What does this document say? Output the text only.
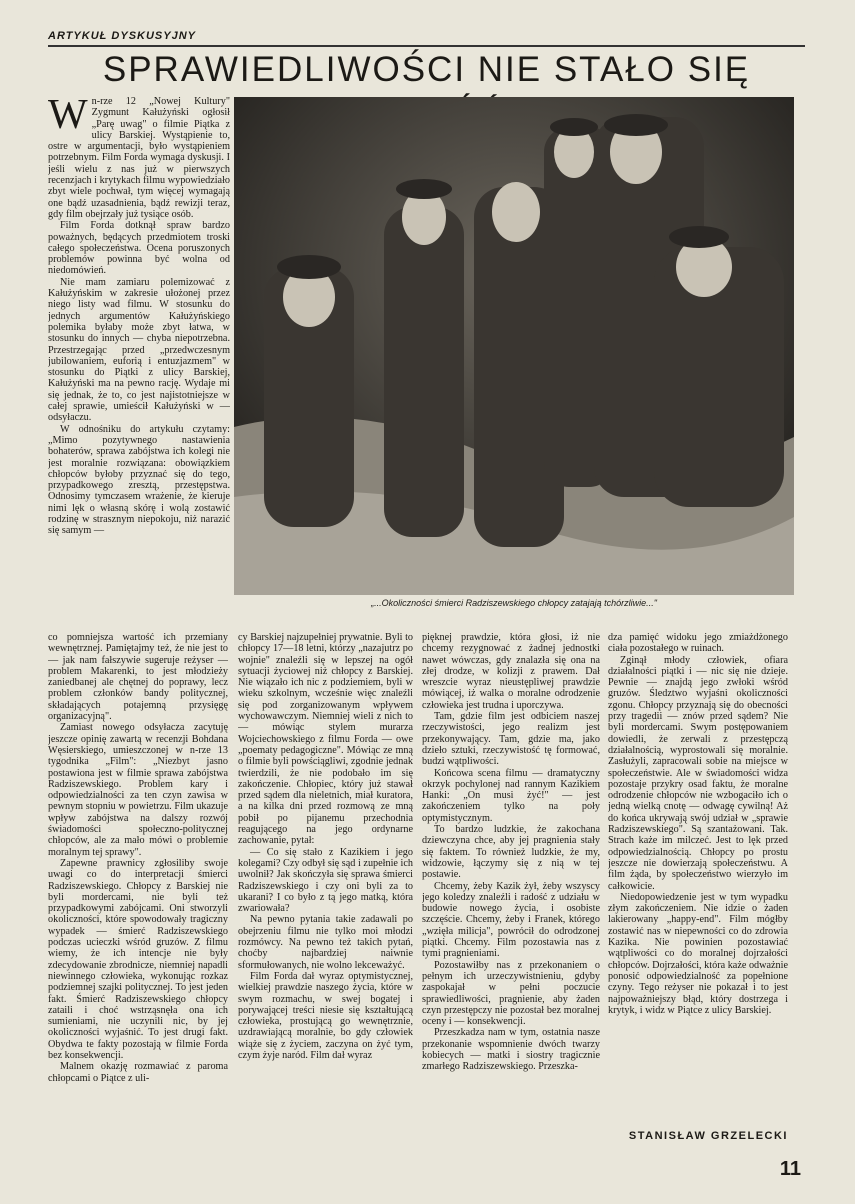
ARTYKUŁ DYSKUSYJNY
SPRAWIEDLIWOŚCI NIE STAŁO SIĘ

Wn-rze 12 „Nowej Kultury" Zygmunt Kałużyński ogłosił „Parę uwag" o filmie Piątka z ulicy Barskiej. Wystąpienie to, ostre w argumentacji, było wystąpieniem potrzebnym. Film Forda wymaga dyskusji. I jeśli wielu z nas już w pierwszych recenzjach i krytykach filmu wypowiedziało zbyt wiele pochwał, tym więcej wymagają one bądź uzasadnienia, bądź rewizji teraz, gdy film obejrzały już tysiące osób.

Film Forda dotknął spraw bardzo poważnych, będących przedmiotem troski całego społeczeństwa. Ocena poruszonych problemów powinna być wolna od niedomówień.

Nie mam zamiaru polemizować z Kałużyńskim w zakresie ułożonej przez niego listy wad filmu. W stosunku do jednych argumentów Kałużyńskiego polemika byłaby może zbyt łatwa, w stosunku do innych — chyba niepotrzebna. Przestrzegając przed „przedwczesnym jubilowaniem, euforią i entuzjazmem" w stosunku do Piątki z ulicy Barskiej, Kałużyński ma na pewno rację. Wydaje mi się jednak, że to, co jest najistotniejsze w całej sprawie, umieścił Kałużyński w — odsyłaczu.

W odnośniku do artykułu czytamy: „Mimo pozytywnego nastawienia bohaterów, sprawa zabójstwa ich kolegi nie jest moralnie rozwiązana: obowiązkiem chłopców byłoby przyznać się do tego, przypadkowego zresztą, przestępstwa. Odnosimy tymczasem wrażenie, że kieruje nimi lęk o własną skórę i wolą zostawić rodzinę w strasznym niepokoju, niż narazić się samym —

„...Okoliczności śmierci Radziszewskiego chłopcy zatajają tchórzliwie..."

co pomniejsza wartość ich przemiany wewnętrznej. Pamiętajmy też, że nie jest to — jak nam fałszywie sugeruje reżyser — problem Makarenki, to jest młodzieży zaniedbanej ale chętnej do poprawy, lecz problem członków bandy politycznej, składających potajemną przysięgę organizacyjną".

Zamiast nowego odsyłacza zacytuję jeszcze opinię zawartą w recenzji Bohdana Węsierskiego, umieszczonej w n-rze 13 tygodnika „Film": „Niezbyt jasno postawiona jest w filmie sprawa zabójstwa Radziszewskiego. Problem kary i odpowiedzialności za ten czyn zawisa w pewnym stopniu w powietrzu. Film ukazuje wpływ zabójstwa na dalszy rozwój świadomości społeczno-politycznej chłopców, ale za mało mówi o problemie moralnym tej sprawy".

Zapewne prawnicy zgłosiliby swoje uwagi co do interpretacji śmierci Radziszewskiego. Chłopcy z Barskiej nie byli mordercami, nie byli też przypadkowymi zabójcami. Oni stworzyli okoliczności, które spowodowały tragiczny wypadek — śmierć Radziszewskiego podczas ucieczki wśród gruzów. Z filmu wiemy, że ich intencje nie były zdecydowanie zbrodnicze, niemniej napadli niewinnego człowieka, wykonując rozkaz podziemnej szajki politycznej. To jest jeden fakt. Śmierć Radziszewskiego chłopcy zataili i choć wstrząsnęła ona ich sumieniami, nie uczynili nic, by jej okoliczności wyjaśnić. To jest drugi fakt. Obydwa te fakty pozostają w filmie Forda bez konsekwencji.

Malnem okazję rozmawiać z paroma chłopcami o Piątce z uli-

cy Barskiej najzupełniej prywatnie. Byli to chłopcy 17—18 letni, którzy „nazajutrz po wojnie" znaleźli się w lepszej na ogół sytuacji życiowej niż chłopcy z Barskiej. Nie wiązało ich nic z podziemiem, byli w wieku szkolnym, wcześnie więc znaleźli się pod zorganizowanym wpływem wychowawczym. Niemniej wieli z nich to — mówiąc stylem murarza Wojciechowskiego z filmu Forda — owe „poematy pedagogiczne". Mówiąc ze mną o filmie byli powściągliwi, zgodnie jednak twierdzili, że nie podobało im się zakończenie. Chłopiec, który już stawał przed sądem dla nieletnich, miał kuratora, a na kilka dni przed rozmową ze mną pobił po pijanemu przechodnia reagującego na jego ordynarne zachowanie, pytał:

— Co się stało z Kazikiem i jego kolegami? Czy odbył się sąd i zupełnie ich uwolnił? Jak skończyła się sprawa śmierci Radziszewskiego i czy oni byli za to ukarani? I co było z tą jego matką, która zwariowała?

Na pewno pytania takie zadawali po obejrzeniu filmu nie tylko moi młodzi rozmówcy. Na pewno też takich pytań, choćby najbardziej naiwnie sformułowanych, nie wolno lekceważyć.

Film Forda dał wyraz optymistycznej, wielkiej prawdzie naszego życia, które w swym rozmachu, w swej bogatej i porywającej treści niesie się kształtującą człowieka, prostującą go wewnętrznie, uzdrawiającą moralnie, bo gdy człowiek wiąże się z życiem, zaczyna on żyć tym, czym żyje naród. Film dał wyraz

pięknej prawdzie, która głosi, iż nie chcemy rezygnować z żadnej jednostki nawet wówczas, gdy znalazła się ona na złej drodze, w kolizji z prawem. Dał wreszcie wyraz nieustępliwej prawdzie mówiącej, iż walka o moralne odrodzenie człowieka jest trudna i uporczywa.

Tam, gdzie film jest odbiciem naszej rzeczywistości, jego realizm jest przekonywający. Tam, gdzie ma, jako dzieło sztuki, rzeczywistość tę formować, budzi wątpliwości.

Końcowa scena filmu — dramatyczny okrzyk pochylonej nad rannym Kazikiem Hanki: „On musi żyć!" — jest zakończeniem tylko na poły optymistycznym.

To bardzo ludzkie, że zakochana dziewczyna chce, aby jej pragnienia stały się faktem. To również ludzkie, że my, widzowie, łączymy się z nią w tej postawie.

Chcemy, żeby Kazik żył, żeby wszyscy jego koledzy znaleźli i radość z udziału w budowie nowego życia, i osobiste szczęście. Chcemy, żeby i Franek, którego „wzięła milicja", powrócił do odrodzonej piątki. Chcemy. Film pozostawia nas z tymi pragnieniami.

Pozostawiłby nas z przekonaniem o pełnym ich urzeczywistnieniu, gdyby zaspokajał w pełni poczucie sprawiedliwości, pragnienie, aby żaden czyn przestępczy nie pozostał bez moralnej oceny i — konsekwencji.

Przeszkadza nam w tym, ostatnia nasze przekonanie wspomnienie dwóch twarzy kobiecych — matki i siostry tragicznie zmarłego Radziszewskiego. Przeszka-

dza pamięć widoku jego zmiażdżonego ciała pozostałego w ruinach.

Zginął młody człowiek, ofiara działalności piątki i — nic się nie dzieje. Pewnie — znajdą jego zwłoki wśród gruzów. Śledztwo wyjaśni okoliczności zgonu. Chłopcy przyznają się do obecności przy tragedii — znów przed sądem? Nie byli mordercami. Swym postępowaniem dowiedli, że zerwali z przestępczą działalnością, wyprostowali się moralnie. Zasłużyli, zapracowali sobie na miejsce w społeczeństwie. Ale w świadomości widza pozostaje przykry osad faktu, że moralne odrodzenie chłopców nie wzbogaciło ich o jedną wielką cnotę — odwagę cywilną! Aż do końca ukrywają swój udział w „sprawie Radziszewskiego". Są szantażowani. Tak. Strach każe im milczeć. Jest to lęk przed odpowiedzialnością. Chłopcy po prostu jeszcze nie dowierzają społeczeństwu. A film żąda, by społeczeństwo wierzyło im całkowicie.

Niedopowiedzenie jest w tym wypadku złym zakończeniem. Nie idzie o żaden lakierowany „happy-end". Film mógłby zostawić nas w niepewności co do zdrowia Kazika. Nie powinien pozostawiać wątpliwości co do moralnej dojrzałości chłopców. Dojrzałości, która każe odważnie ponosić odpowiedzialność za popełnione czyny. Tego reżyser nie pokazał i to jest najpoważniejszy błąd, który dostrzega i krytyk, i widz w Piątce z ulicy Barskiej.

STANISŁAW GRZELECKI
11
